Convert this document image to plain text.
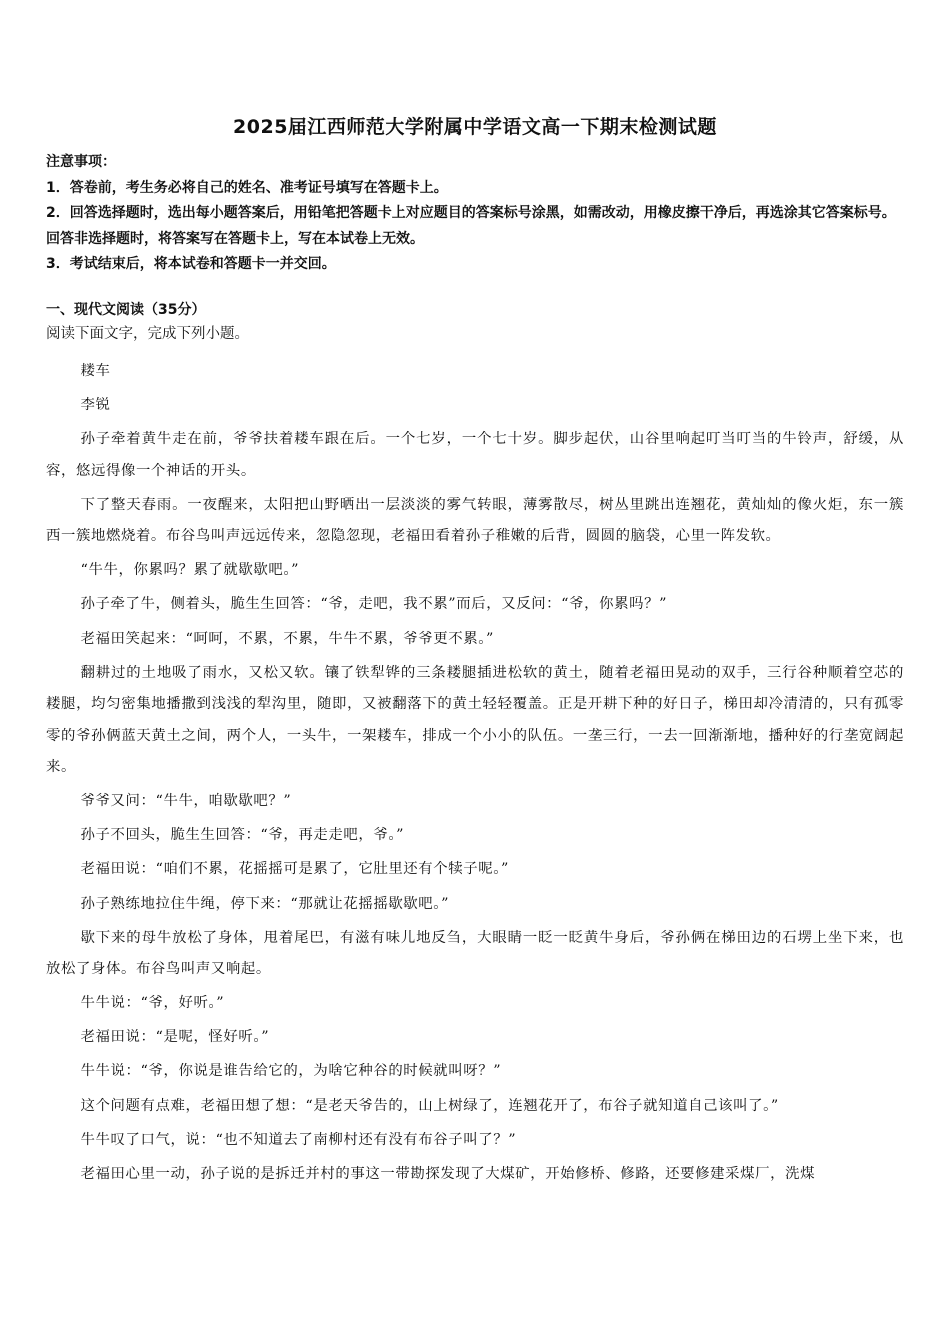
2025届江西师范大学附属中学语文高一下期末检测试题

注意事项：

1．答卷前，考生务必将自己的姓名、准考证号填写在答题卡上。

2．回答选择题时，选出每小题答案后，用铅笔把答题卡上对应题目的答案标号涂黑，如需改动，用橡皮擦干净后，再选涂其它答案标号。回答非选择题时，将答案写在答题卡上，写在本试卷上无效。

3．考试结束后，将本试卷和答题卡一并交回。

一、现代文阅读（35分）

阅读下面文字，完成下列小题。

耧车

李锐

孙子牵着黄牛走在前，爷爷扶着耧车跟在后。一个七岁，一个七十岁。脚步起伏，山谷里响起叮当叮当的牛铃声，舒缓，从容，悠远得像一个神话的开头。

下了整天春雨。一夜醒来，太阳把山野晒出一层淡淡的雾气转眼，薄雾散尽，树丛里跳出连翘花，黄灿灿的像火炬，东一簇西一簇地燃烧着。布谷鸟叫声远远传来，忽隐忽现，老福田看着孙子稚嫩的后背，圆圆的脑袋，心里一阵发软。

“牛牛，你累吗？累了就歇歇吧。”

孙子牵了牛，侧着头，脆生生回答：“爷，走吧，我不累”而后，又反问：“爷，你累吗？”

老福田笑起来：“呵呵，不累，不累，牛牛不累，爷爷更不累。”

翻耕过的土地吸了雨水，又松又软。镶了铁犁铧的三条耧腿插进松软的黄土，随着老福田晃动的双手，三行谷种顺着空芯的耧腿，均匀密集地播撒到浅浅的犁沟里，随即，又被翻落下的黄土轻轻覆盖。正是开耕下种的好日子，梯田却冷清清的，只有孤零零的爷孙俩蓝天黄土之间，两个人，一头牛，一架耧车，排成一个小小的队伍。一垄三行，一去一回渐渐地，播种好的行垄宽阔起来。

爷爷又问：“牛牛，咱歇歇吧？”

孙子不回头，脆生生回答：“爷，再走走吧，爷。”

老福田说：“咱们不累，花摇摇可是累了，它肚里还有个犊子呢。”

孙子熟练地拉住牛绳，停下来：“那就让花摇摇歇歇吧。”

歇下来的母牛放松了身体，甩着尾巴，有滋有味儿地反刍，大眼睛一眨一眨黄牛身后，爷孙俩在梯田边的石塄上坐下来，也放松了身体。布谷鸟叫声又响起。

牛牛说：“爷，好听。”

老福田说：“是呢，怪好听。”

牛牛说：“爷，你说是谁告给它的，为啥它种谷的时候就叫呀？”

这个问题有点难，老福田想了想：“是老天爷告的，山上树绿了，连翘花开了，布谷子就知道自己该叫了。”

牛牛叹了口气，说：“也不知道去了南柳村还有没有布谷子叫了？”

老福田心里一动，孙子说的是拆迁并村的事这一带勘探发现了大煤矿，开始修桥、修路，还要修建采煤厂，洗煤
